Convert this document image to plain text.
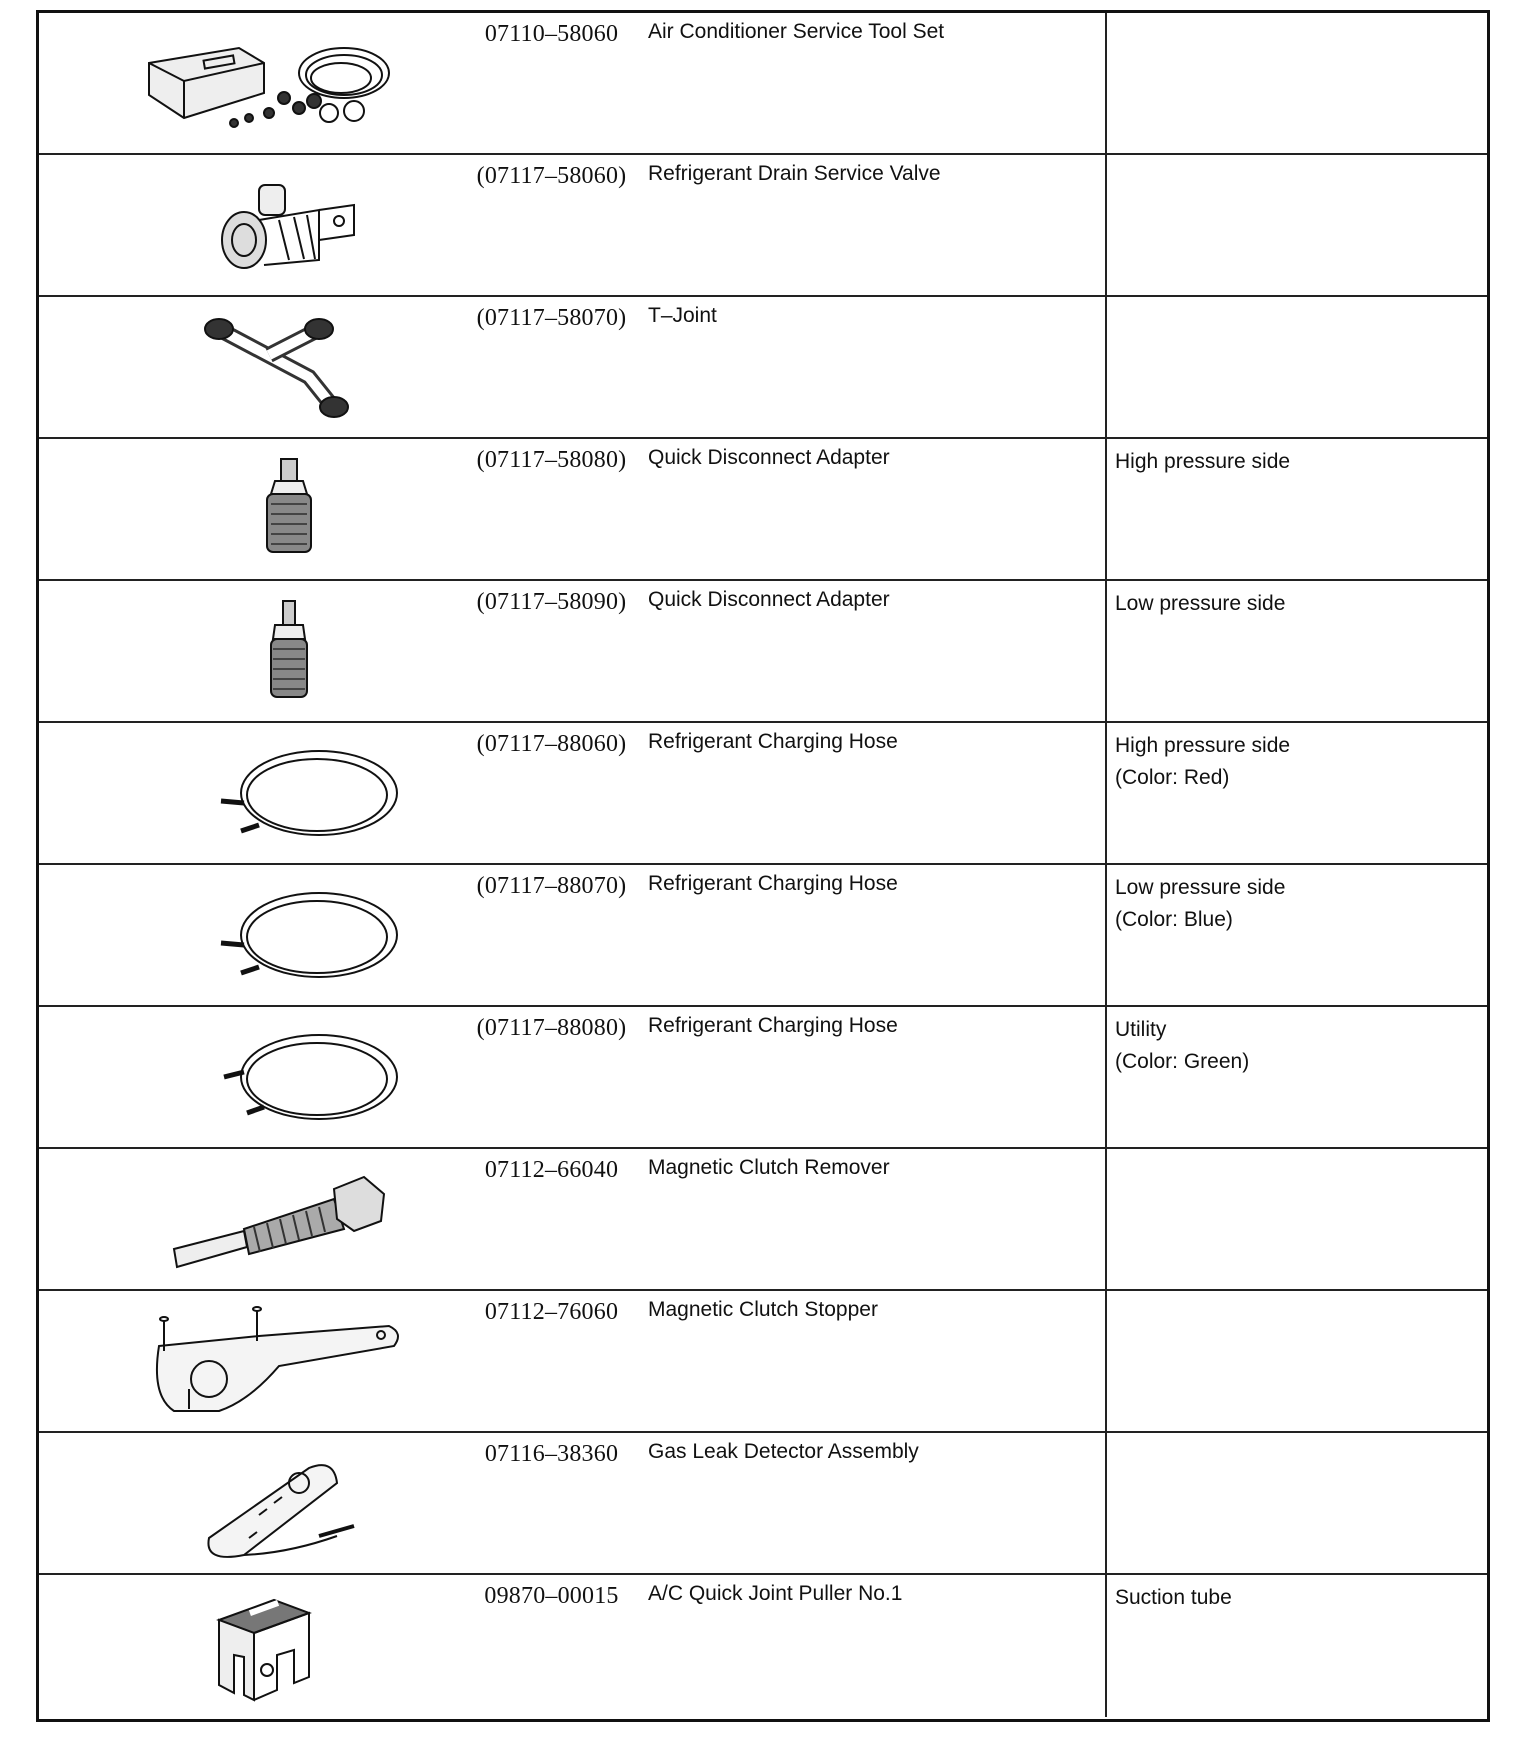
07110–58060	Air Conditioner Service Tool Set
(07117–58060)	Refrigerant Drain Service Valve
(07117–58070)	T–Joint
(07117–58080)	Quick Disconnect Adapter	High pressure side
(07117–58090)	Quick Disconnect Adapter	Low pressure side
(07117–88060)	Refrigerant Charging Hose	High pressure side
(Color: Red)
(07117–88070)	Refrigerant Charging Hose	Low pressure side
(Color: Blue)
(07117–88080)	Refrigerant Charging Hose	Utility
(Color: Green)
07112–66040	Magnetic Clutch Remover
07112–76060	Magnetic Clutch Stopper
07116–38360	Gas Leak Detector Assembly
09870–00015	A/C Quick Joint Puller No.1	Suction tube
